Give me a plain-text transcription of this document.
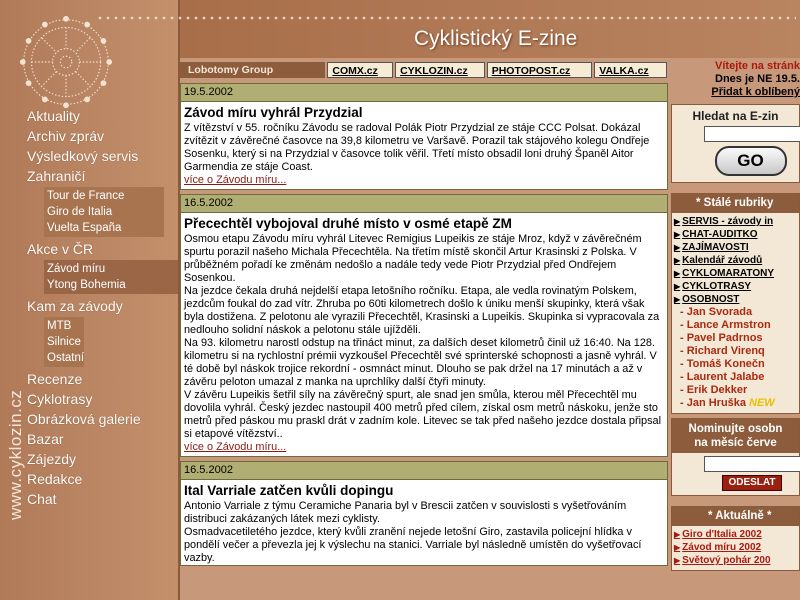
www.cyklozin.cz
Aktuality
Archiv zpráv
Výsledkový servis
Zahraničí
Tour de France
Giro de Italia
Vuelta España
Akce v ČR
Závod míru
Ytong Bohemia
Kam za závody
MTB
Silnice
Ostatní
Recenze
Cyklotrasy
Obrázková galerie
Bazar
Zájezdy
Redakce
Chat
Cyklistický E-zine
Lobotomy Group	COMX.cz	CYKLOZIN.cz	PHOTOPOST.cz	VALKA.cz
19.5.2002
Závod míru vyhrál Przydzial

Z vítězství v 55. ročníku Závodu se radoval Polák Piotr Przydzial ze stáje CCC Polsat. Dokázal zvítězit v závěrečné časovce na 39,8 kilometru ve Varšavě. Porazil tak stájového kolegu Ondřeje Sosenku, který si na Przydzial v časovce tolik věřil. Třetí místo obsadil loni druhý Španěl Aitor Garmendia ze stáje Coast.

více o Závodu míru...
16.5.2002
Přecechtěl vybojoval druhé místo v osmé etapě ZM

Osmou etapu Závodu míru vyhrál Litevec Remigius Lupeikis ze stáje Mroz, když v závěrečném spurtu porazil našeho Michala Přecechtěla. Na třetím místě skončil Artur Krasinski z Polska. V průběžném pořadí ke změnám nedošlo a nadále tedy vede Piotr Przydzial před Ondřejem Sosenkou.
Na jezdce čekala druhá nejdelší etapa letošního ročníku. Etapa, ale vedla rovinatým Polskem, jezdcům foukal do zad vítr. Zhruba po 60ti kilometrech došlo k úniku menší skupinky, která však byla dostižena. Z pelotonu ale vyrazili Přecechtěl, Krasinski a Lupeikis. Skupinka si vypracovala za nedlouho solidní náskok a pelotonu stále ujížděli.
Na 93. kilometru narostl odstup na třináct minut, za dalších deset kilometrů činil už 16:40. Na 128. kilometru si na rychlostní prémii vyzkoušel Přecechtěl své sprinterské schopnosti a jasně vyhrál. V té době byl náskok trojice rekordní - osmnáct minut. Dlouho se pak držel na 17 minutách a až v závěru peloton umazal z manka na uprchlíky další čtyři minuty.
V závěru Lupeikis šetřil síly na závěrečný spurt, ale snad jen smůla, kterou měl Přecechtěl mu dovolila vyhrál. Český jezdec nastoupil 400 metrů před cílem, získal osm metrů náskoku, jenže sto metrů před páskou mu praskl drát v zadním kole. Litevec se tak před našeho jezdce dostala připsal si etapové vítězství..

více o Závodu míru...
16.5.2002
Ital Varriale zatčen kvůli dopingu

Antonio Varriale z týmu Ceramiche Panaria byl v Brescii zatčen v souvislosti s vyšetřováním distribuci zakázaných látek mezi cyklisty.
Osmadvacetiletého jezdce, který kvůli zranění nejede letošní Giro, zastavila policejní hlídka v pondělí večer a převezla jej k výslechu na stanici. Varriale byl následně umístěn do vyšetřovací vazby.

Vítejte na stránk
Dnes je NE 19.5.
Přidat k oblíbený
Hledat na E-zin
GO
* Stálé rubriky
▶ SERVIS - závody in
▶ CHAT-AUDITKO
▶ ZAJÍMAVOSTI
▶ Kalendář závodů
▶ CYKLOMARATONY
▶ CYKLOTRASY
▶ OSOBNOST
- Jan Svorada
- Lance Armstron
- Pavel Padrnos
- Richard Virenq
- Tomáš Konečn
- Laurent Jalabe
- Erik Dekker
- Jan Hruška NEW
Nominujte osobn
na měsíc červe
ODESLAT
* Aktuálně *
▶ Giro d'Italia 2002
▶ Závod míru 2002
▶ Světový pohár 200
